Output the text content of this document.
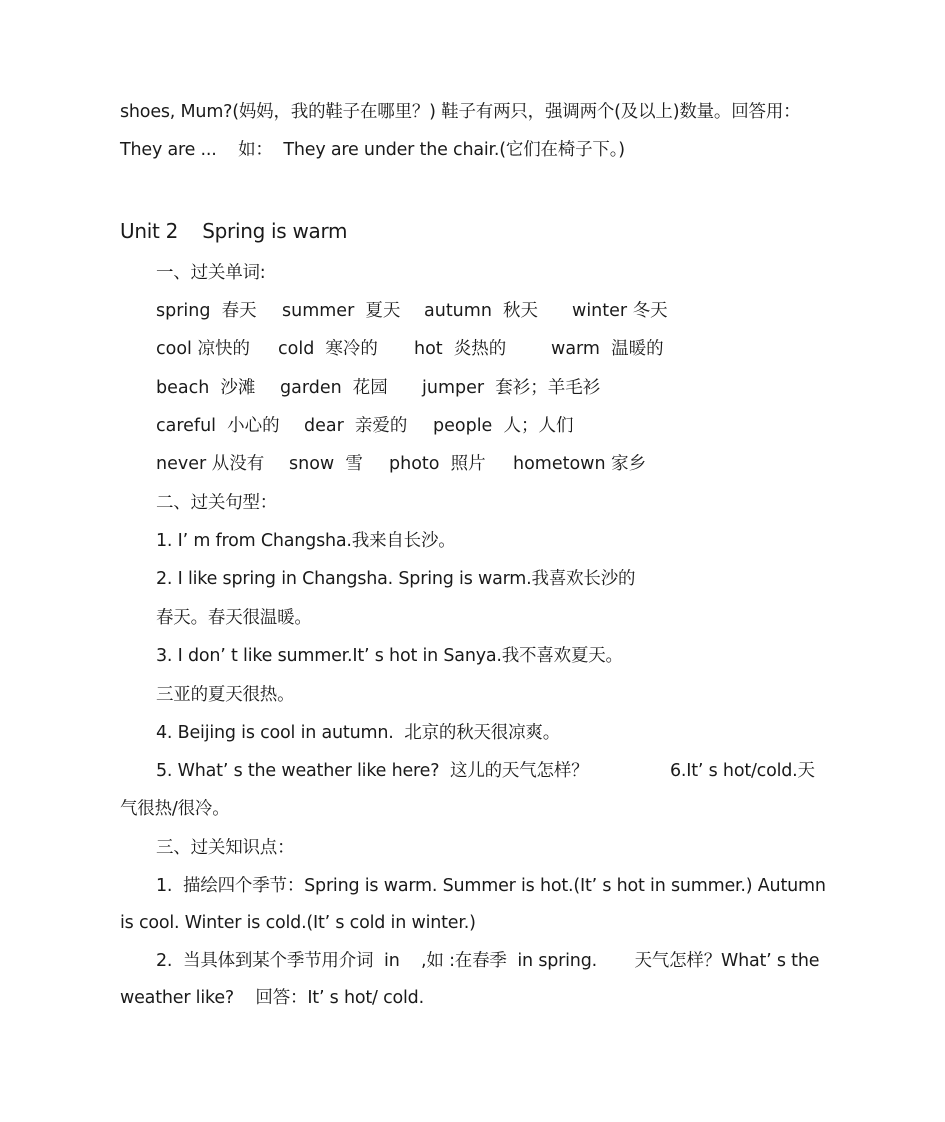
shoes, Mum?(妈妈，我的鞋子在哪里？) 鞋子有两只，强调两个(及以上)数量。回答用：
They are ...    如：  They are under the chair.(它们在椅子下。)
Unit 2    Spring is warm
一、过关单词:

spring  春天

summer  夏天

autumn  秋天

winter 冬天

cool 凉快的

cold  寒冷的

hot  炎热的

	warm  温暖的

beach  沙滩

garden  花园

jumper  套衫；羊毛衫

careful  小心的

dear  亲爱的

people  人；人们

never 从没有

snow  雪

photo  照片

hometown 家乡

二、过关句型：
1. I’ m from Changsha.我来自长沙。
2. I like spring in Changsha. Spring is warm.我喜欢长沙的
春天。春天很温暖。
3. I don’ t like summer.It’ s hot in Sanya.我不喜欢夏天。
三亚的夏天很热。
4. Beijing is cool in autumn.  北京的秋天很凉爽。
5. What’ s the weather like here?  这儿的天气怎样？	6.It’ s hot/cold.天
气很热/很冷。
三、过关知识点：
1.  描绘四个季节：Spring is warm. Summer is hot.(It’ s hot in summer.) Autumn
is cool. Winter is cold.(It’ s cold in winter.)
2.  当具体到某个季节用介词  in    ,如 :在春季  in spring.       天气怎样？What’ s the
weather like?    回答：It’ s hot/ cold.
